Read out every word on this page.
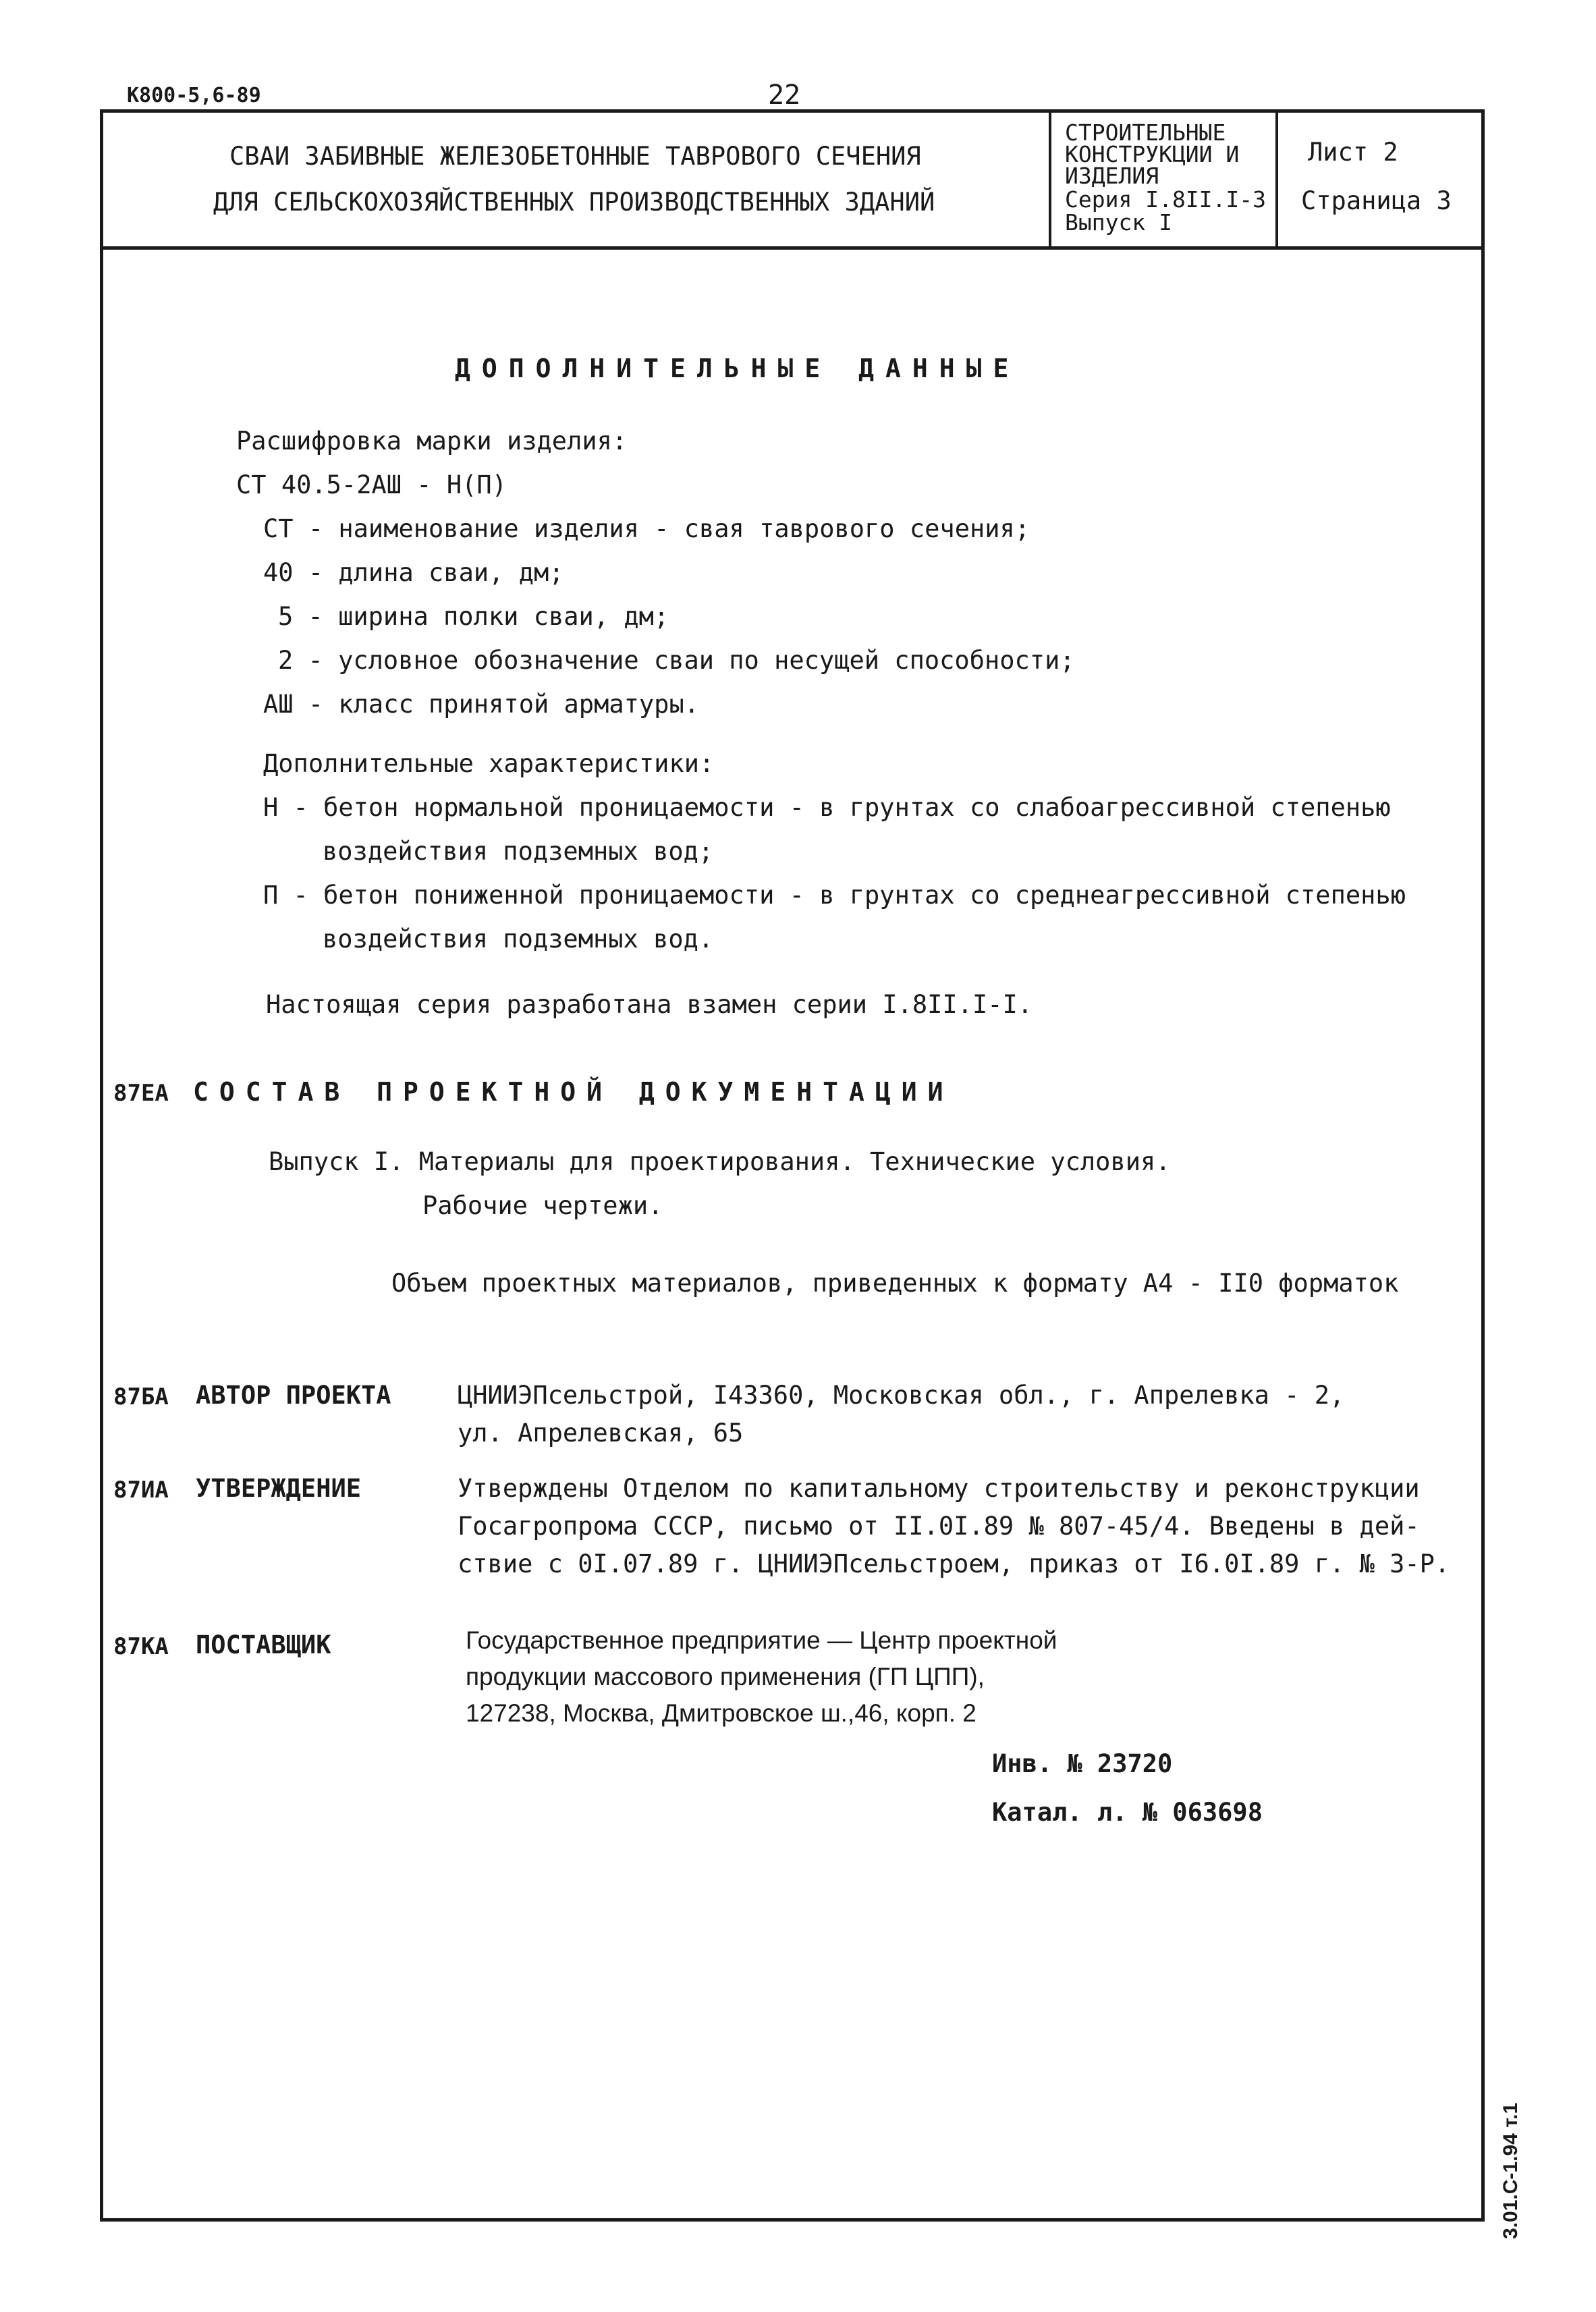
К800-5,6-89	22
СВАИ ЗАБИВНЫЕ ЖЕЛЕЗОБЕТОННЫЕ ТАВРОВОГО СЕЧЕНИЯ
ДЛЯ СЕЛЬСКОХОЗЯЙСТВЕННЫХ ПРОИЗВОДСТВЕННЫХ ЗДАНИЙ
СТРОИТЕЛЬНЫЕ
КОНСТРУКЦИИ И
ИЗДЕЛИЯ
Серия I.8II.I-3
Выпуск I
Лист 2
Страница 3
ДОПОЛНИТЕЛЬНЫЕ ДАННЫЕ
Расшифровка марки изделия:
СТ 40.5-2АШ - Н(П)
СТ - наименование изделия - свая таврового сечения;
40 - длина сваи, дм;
5 - ширина полки сваи, дм;
2 - условное обозначение сваи по несущей способности;
АШ - класс принятой арматуры.
Дополнительные характеристики:
Н - бетон нормальной проницаемости - в грунтах со слабоагрессивной степенью
воздействия подземных вод;
П - бетон пониженной проницаемости - в грунтах со среднеагрессивной степенью
воздействия подземных вод.
Настоящая серия разработана взамен серии I.8II.I-I.
87ЕА СОСТАВ ПРОЕКТНОЙ ДОКУМЕНТАЦИИ
Выпуск I. Материалы для проектирования. Технические условия.
Рабочие чертежи.
Объем проектных материалов, приведенных к формату А4 - II0 форматок
87БА АВТОР ПРОЕКТА	ЦНИИЭПсельстрой, I43360, Московская обл., г. Апрелевка - 2,
ул. Апрелевская, 65
87ИА УТВЕРЖДЕНИЕ	Утверждены Отделом по капитальному строительству и реконструкции
Госагропрома СССР, письмо от II.0I.89 № 807-45/4. Введены в дей-
ствие с 0I.07.89 г. ЦНИИЭПсельстроем, приказ от I6.0I.89 г. № 3-Р.
87КА ПОСТАВЩИК	Государственное предприятие — Центр проектной
продукции массового применения (ГП ЦПП),
127238, Москва, Дмитровское ш.,46, корп. 2
Инв. № 23720
Катал. л. № 063698
3.01.С-1.94 т.1
